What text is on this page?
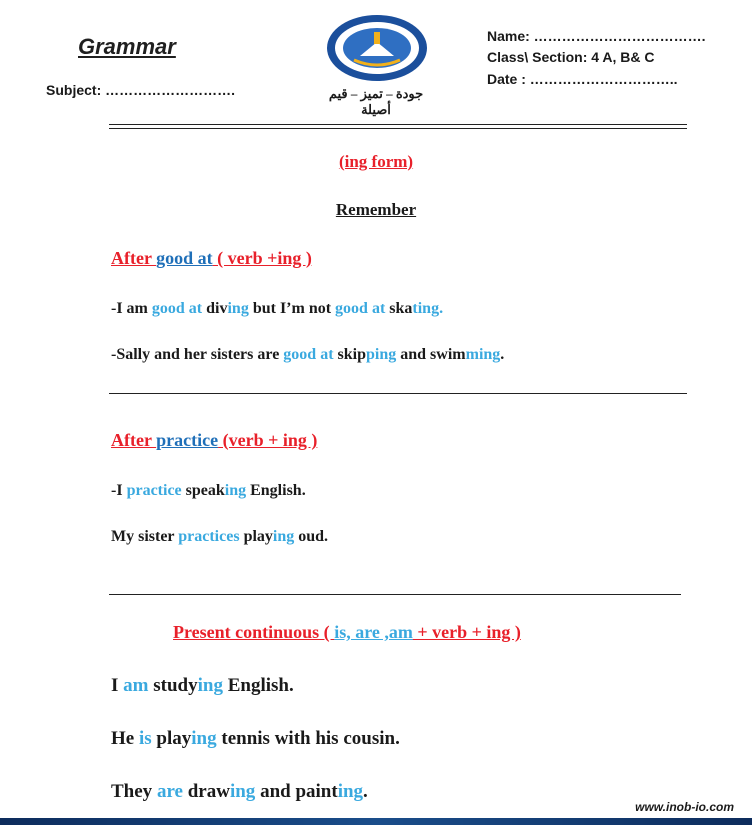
Grammar
Subject: ……………………….	جودة – تميز – قيم أصيلة
Name: ……………………………….
Class\ Section: 4 A, B& C
Date : …………………………..
(ing form)
Remember
After good at ( verb +ing )
-I am good at diving but I’m not good at skating.
-Sally and her sisters are good at skipping and swimming.
After practice (verb + ing )
-I practice speaking English.
My sister practices playing oud.
Present continuous ( is, are ,am + verb + ing )
I am studying English.
He is playing tennis with his cousin.
They are drawing and painting.
www.inob-io.com
